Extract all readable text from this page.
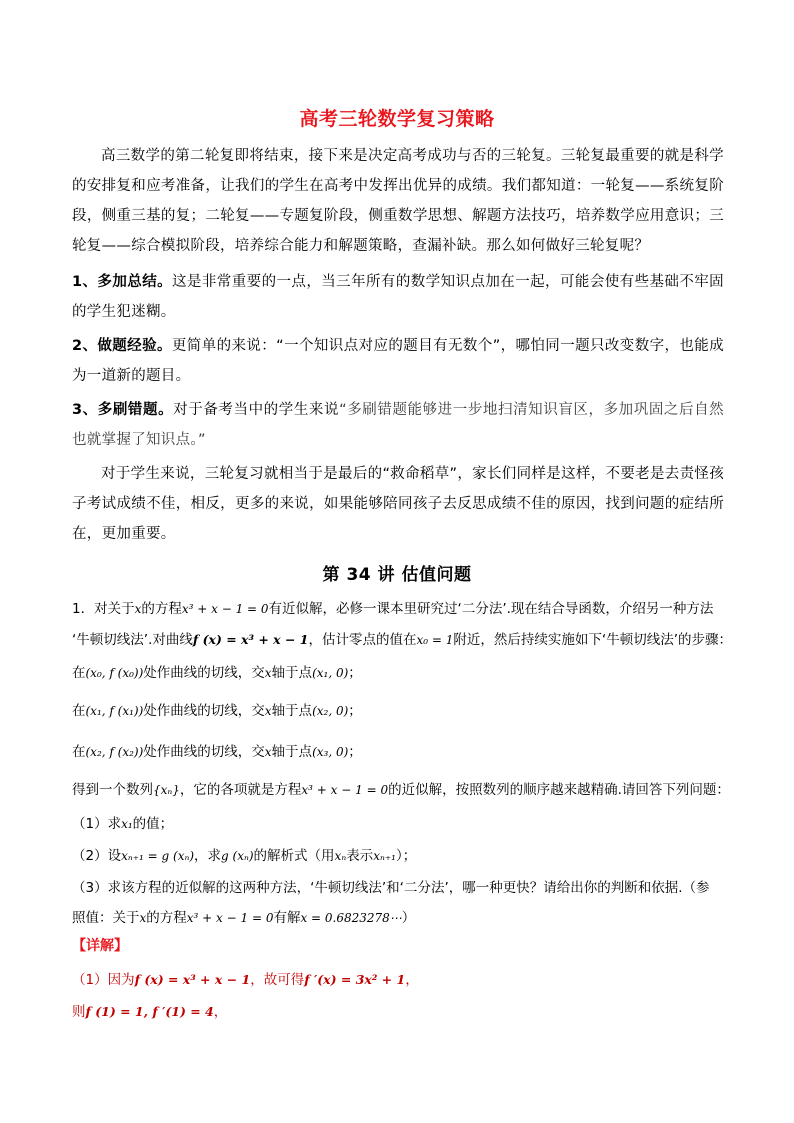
高考三轮数学复习策略
高三数学的第二轮复即将结束，接下来是决定高考成功与否的三轮复。三轮复最重要的就是科学的安排复和应考准备，让我们的学生在高考中发挥出优异的成绩。我们都知道：一轮复——系统复阶段，侧重三基的复；二轮复——专题复阶段，侧重数学思想、解题方法技巧，培养数学应用意识；三轮复——综合模拟阶段，培养综合能力和解题策略，查漏补缺。那么如何做好三轮复呢？
1、多加总结。这是非常重要的一点，当三年所有的数学知识点加在一起，可能会使有些基础不牢固的学生犯迷糊。
2、做题经验。更简单的来说：“一个知识点对应的题目有无数个”，哪怕同一题只改变数字，也能成为一道新的题目。
3、多刷错题。对于备考当中的学生来说“多刷错题能够进一步地扫清知识盲区，多加巩固之后自然也就掌握了知识点。”
对于学生来说，三轮复习就相当于是最后的“救命稻草”，家长们同样是这样，不要老是去责怪孩子考试成绩不佳，相反，更多的来说，如果能够陪同孩子去反思成绩不佳的原因，找到问题的症结所在，更加重要。
第 34 讲 估值问题
1．对关于x的方程x³ + x − 1 = 0有近似解，必修一课本里研究过‘二分法’.现在结合导函数，介绍另一种方法
‘牛顿切线法’.对曲线f (x) = x³ + x − 1，估计零点的值在x₀ = 1附近，然后持续实施如下‘牛顿切线法’的步骤：
在(x₀, f (x₀))处作曲线的切线，交x轴于点(x₁, 0)；
在(x₁, f (x₁))处作曲线的切线，交x轴于点(x₂, 0)；
在(x₂, f (x₂))处作曲线的切线，交x轴于点(x₃, 0)；
得到一个数列{xₙ}，它的各项就是方程x³ + x − 1 = 0的近似解，按照数列的顺序越来越精确.请回答下列问题：
（1）求x₁的值；
（2）设xₙ₊₁ = g (xₙ)，求g (xₙ)的解析式（用xₙ表示xₙ₊₁）；
（3）求该方程的近似解的这两种方法，‘牛顿切线法’和‘二分法’，哪一种更快？请给出你的判断和依据.（参
照值：关于x的方程x³ + x − 1 = 0有解x = 0.6823278⋯）
【详解】
（1）因为f (x) = x³ + x − 1，故可得f ′(x) = 3x² + 1，
则f (1) = 1, f ′(1) = 4，
